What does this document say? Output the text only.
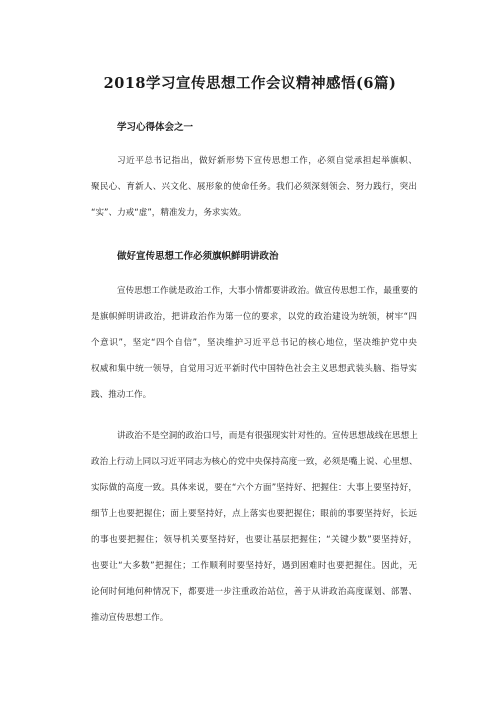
2018学习宣传思想工作会议精神感悟(6篇)
学习心得体会之一
习近平总书记指出，做好新形势下宣传思想工作，必须自觉承担起举旗帜、
聚民心、育新人、兴文化、展形象的使命任务。我们必须深刻领会、努力践行，突出
“实”、力戒“虚”，精准发力，务求实效。
做好宣传思想工作必须旗帜鲜明讲政治
宣传思想工作就是政治工作，大事小情都要讲政治。做宣传思想工作，最重要的
是旗帜鲜明讲政治，把讲政治作为第一位的要求，以党的政治建设为统领，树牢“四
个意识”，坚定“四个自信”，坚决维护习近平总书记的核心地位，坚决维护党中央
权威和集中统一领导，自觉用习近平新时代中国特色社会主义思想武装头脑、指导实
践、推动工作。
讲政治不是空洞的政治口号，而是有很强现实针对性的。宣传思想战线在思想上
政治上行动上同以习近平同志为核心的党中央保持高度一致，必须是嘴上说、心里想、
实际做的高度一致。具体来说，要在“六个方面”坚持好、把握住：大事上要坚持好，
细节上也要把握住；面上要坚持好，点上落实也要把握住；眼前的事要坚持好，长远
的事也要把握住；领导机关要坚持好，也要让基层把握住；“关键少数”要坚持好，
也要让“大多数”把握住；工作顺利时要坚持好，遇到困难时也要把握住。因此，无
论何时何地何种情况下，都要进一步注重政治站位，善于从讲政治高度谋划、部署、
推动宣传思想工作。
